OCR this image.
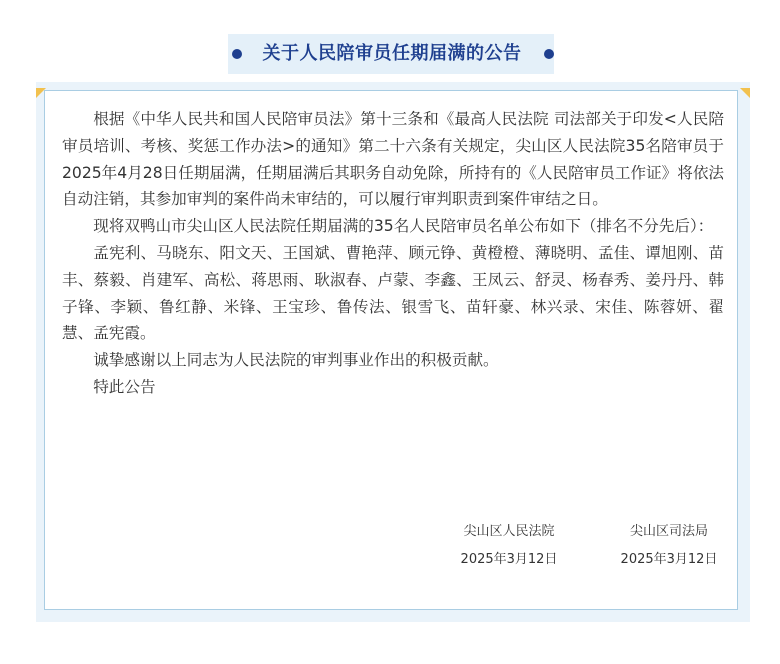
关于人民陪审员任期届满的公告

根据《中华人民共和国人民陪审员法》第十三条和《最高人民法院 司法部关于印发<人民陪审员培训、考核、奖惩工作办法>的通知》第二十六条有关规定，尖山区人民法院35名陪审员于2025年4月28日任期届满，任期届满后其职务自动免除，所持有的《人民陪审员工作证》将依法自动注销，其参加审判的案件尚未审结的，可以履行审判职责到案件审结之日。

现将双鸭山市尖山区人民法院任期届满的35名人民陪审员名单公布如下（排名不分先后）：

孟宪利、马晓东、阳文天、王国斌、曹艳萍、顾元铮、黄橙橙、薄晓明、孟佳、谭旭刚、苗丰、蔡毅、肖建军、高松、蒋思雨、耿淑春、卢蒙、李鑫、王凤云、舒灵、杨春秀、姜丹丹、韩子锋、李颖、鲁红静、米锋、王宝珍、鲁传法、银雪飞、苗轩豪、林兴录、宋佳、陈蓉妍、翟慧、孟宪霞。

诚挚感谢以上同志为人民法院的审判事业作出的积极贡献。

特此公告

尖山区人民法院
2025年3月12日
尖山区司法局
2025年3月12日
